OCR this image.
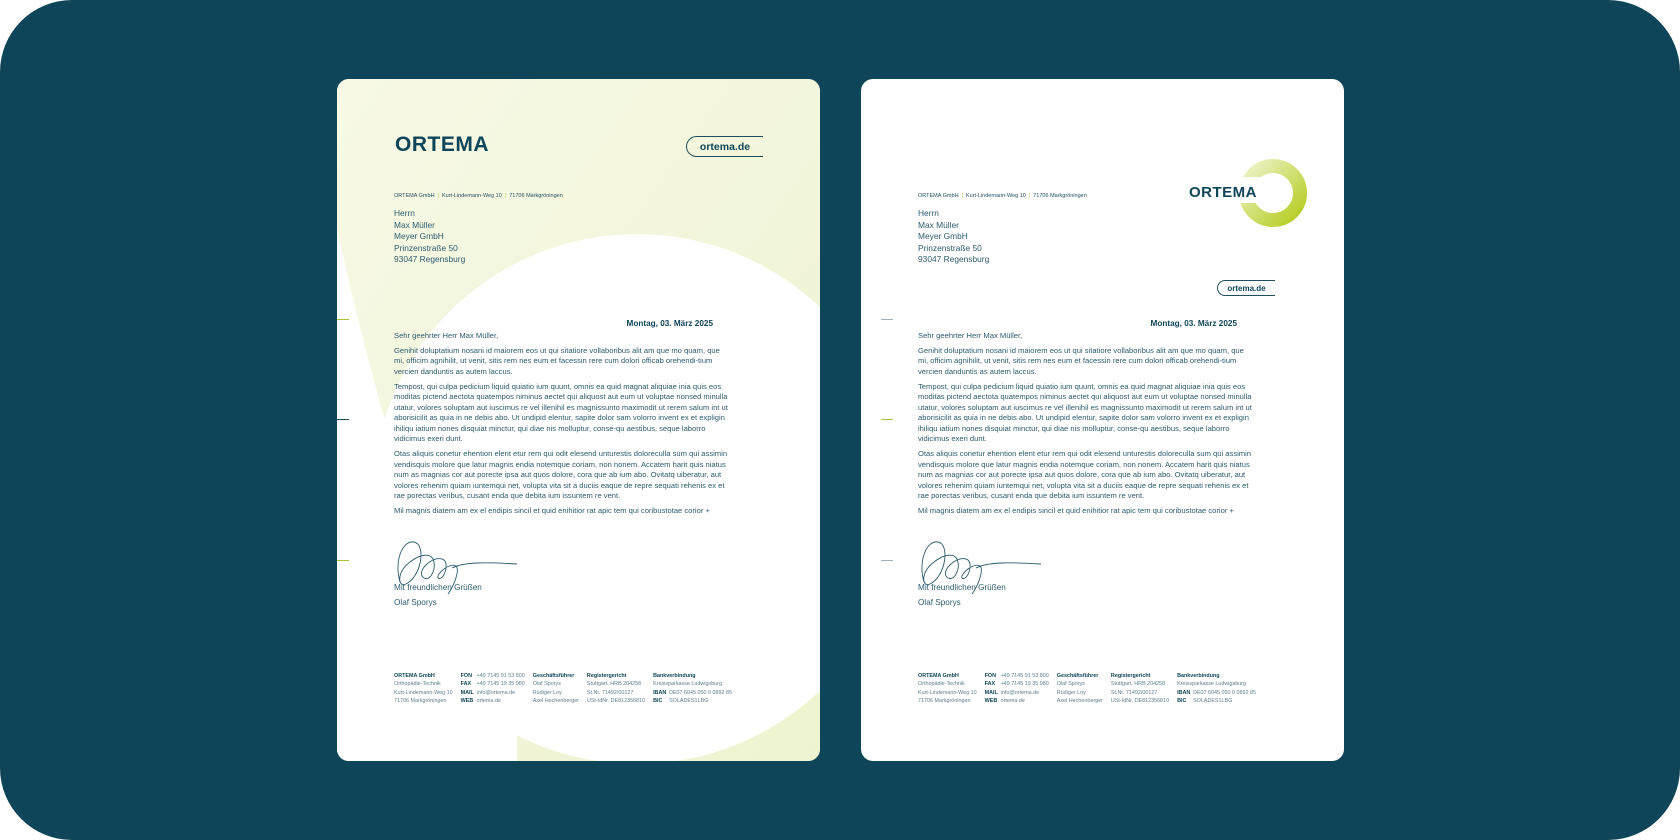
ORTEMA	ortema.de
ORTEMA GmbH | Kurt-Lindemann-Weg 10 | 71706 Markgröningen
Herrn
Max Müller
Meyer GmbH
Prinzenstraße 50
93047 Regensburg
Montag, 03. März 2025

Sehr geehrter Herr Max Müller,

Genihit doluptatium nosani id maiorem eos ut qui sitatiore vollaboribus alit am que mo quam, que mi, officim agnihilit, ut venit, sitis rem nes eum et facessin rere cum dolori officab orehendi-tium vercien danduntis as autem laccus.

Tempost, qui culpa pedicium liquid quiatio ium quunt, omnis ea quid magnat aliquiae inia quis eos moditas pictend aectota quatempos niminus aectet qui aliquost aut eum ut voluptae nonsed minulla utatur, volores soluptam aut iuscimus re vel illenihil es magnissunto maximodit ut rerem salum int ut aborisicilit as quia in ne debis abo. Ut undipid elentur, sapite dolor sam volorro invent ex et expligin ihiliqu iatium nones disquiat minctur, qui diae nis molluptur, conse-qu aestibus, seque laborro vidicimus exeri dunt.

Otas aliquis conetur ehention elent etur rem qui odit elesend unturestis doloreculla sum qui assimin vendisquis molore que latur magnis endia notemque coriam, non nonem. Accatem harit quis niatus num as magnias cor aut porecte ipsa aut quos dolore, cora que ab ium abo. Ovitatq uiberatur, aut volores rehenim quiam iuntemqui net, volupta vita sit a duciis eaque de repre sequati rehenis ex et rae porectas veribus, cusant enda que debita ium issuntem re vent.

Mil magnis diatem am ex el endipis sincil et quid enihitior rat apic tem qui coribustotae corior +

Mit freundlichen Grüßen
Olaf Sporys
ORTEMA GmbH
Orthopädie-Technik
Kurt-Lindemann-Weg 10
71706 Markgröningen
FON +49 7145 91 53 800
FAX +49 7145 19 35 980
MAIL info@ortema.de
WEB ortema.de
Geschäftsführer
Olaf Sporys
Rüdiger Loy
Axel Hechenberger
Registergericht
Stuttgart, HRB 204258
St.Nr. 71492/00127
USt-IdNr. DE812356810
Bankverbindung
Kreissparkasse Ludwigsburg
IBAN DE07 6045 050 0 0892 85
BIC SOLADES1LBG
ORTEMA
ortema.de
ORTEMA GmbH | Kurt-Lindemann-Weg 10 | 71706 Markgröningen
Herrn
Max Müller
Meyer GmbH
Prinzenstraße 50
93047 Regensburg
Montag, 03. März 2025

Sehr geehrter Herr Max Müller,

Genihit doluptatium nosani id maiorem eos ut qui sitatiore vollaboribus alit am que mo quam, que mi, officim agnihilit, ut venit, sitis rem nes eum et facessin rere cum dolori officab orehendi-tium vercien danduntis as autem laccus.

Tempost, qui culpa pedicium liquid quiatio ium quunt, omnis ea quid magnat aliquiae inia quis eos moditas pictend aectota quatempos niminus aectet qui aliquost aut eum ut voluptae nonsed minulla utatur, volores soluptam aut iuscimus re vel illenihil es magnissunto maximodit ut rerem salum int ut aborisicilit as quia in ne debis abo. Ut undipid elentur, sapite dolor sam volorro invent ex et expligin ihiliqu iatium nones disquiat minctur, qui diae nis molluptur, conse-qu aestibus, seque laborro vidicimus exeri dunt.

Otas aliquis conetur ehention elent etur rem qui odit elesend unturestis doloreculla sum qui assimin vendisquis molore que latur magnis endia notemque coriam, non nonem. Accatem harit quis niatus num as magnias cor aut porecte ipsa aut quos dolore, cora que ab ium abo. Ovitatq uiberatur, aut volores rehenim quiam iuntemqui net, volupta vita sit a duciis eaque de repre sequati rehenis ex et rae porectas veribus, cusant enda que debita ium issuntem re vent.

Mil magnis diatem am ex el endipis sincil et quid enihitior rat apic tem qui coribustotae corior +

Mit freundlichen Grüßen
Olaf Sporys
ORTEMA GmbH
Orthopädie-Technik
Kurt-Lindemann-Weg 10
71706 Markgröningen
FON +49 7145 91 53 800
FAX +49 7145 19 35 980
MAIL info@ortema.de
WEB ortema.de
Geschäftsführer
Olaf Sporys
Rüdiger Loy
Axel Hechenberger
Registergericht
Stuttgart, HRB 204258
St.Nr. 71492/00127
USt-IdNr. DE812356810
Bankverbindung
Kreissparkasse Ludwigsburg
IBAN DE07 6045 050 0 0892 85
BIC SOLADES1LBG
